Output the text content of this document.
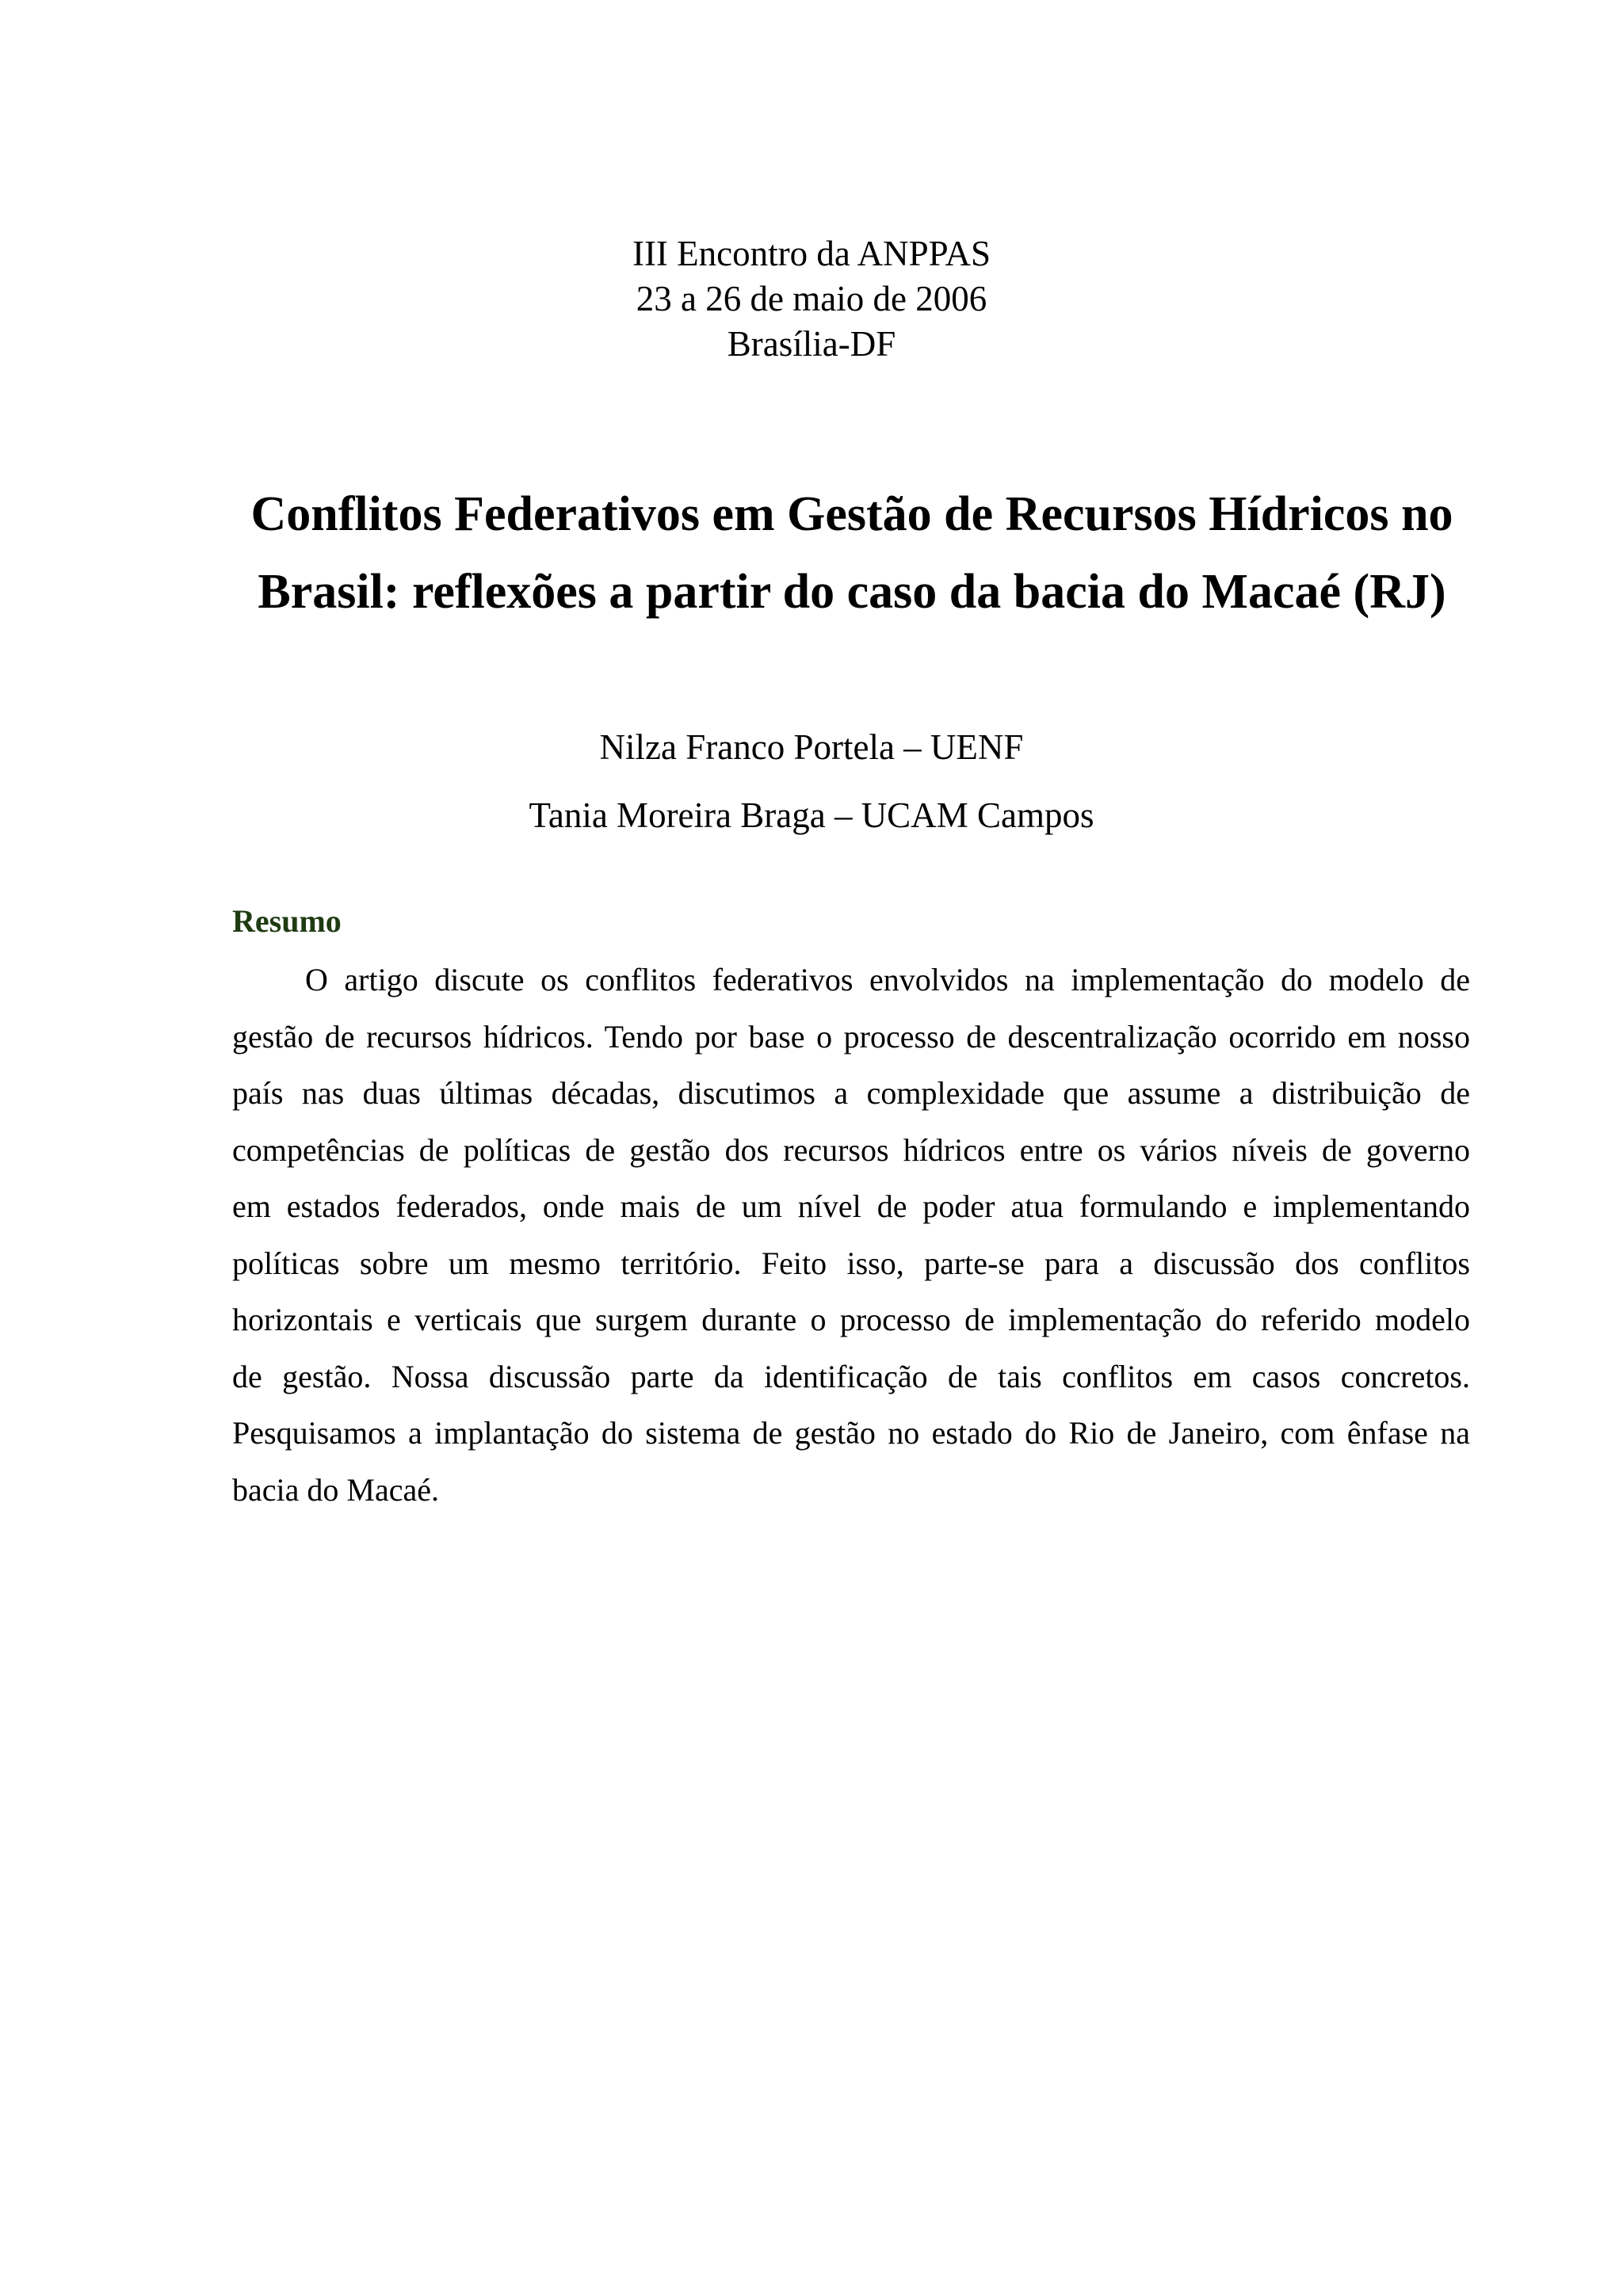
III Encontro da ANPPAS
23 a 26 de maio de 2006
Brasília-DF
Conflitos Federativos em Gestão de Recursos Hídricos no
Brasil: reflexões a partir do caso da bacia do Macaé (RJ)
Nilza Franco Portela – UENF
Tania Moreira Braga – UCAM Campos
Resumo
O artigo discute os conflitos federativos envolvidos na implementação do modelo de
gestão de recursos hídricos. Tendo por base o processo de descentralização ocorrido em nosso
país nas duas últimas décadas, discutimos a complexidade que assume a distribuição de
competências de políticas de gestão dos recursos hídricos entre os vários níveis de governo
em estados federados, onde mais de um nível de poder atua formulando e implementando
políticas sobre um mesmo território. Feito isso, parte-se para a discussão dos conflitos
horizontais e verticais que surgem durante o processo de implementação do referido modelo
de gestão. Nossa discussão parte da identificação de tais conflitos em casos concretos.
Pesquisamos a implantação do sistema de gestão no estado do Rio de Janeiro, com ênfase na
bacia do Macaé.
